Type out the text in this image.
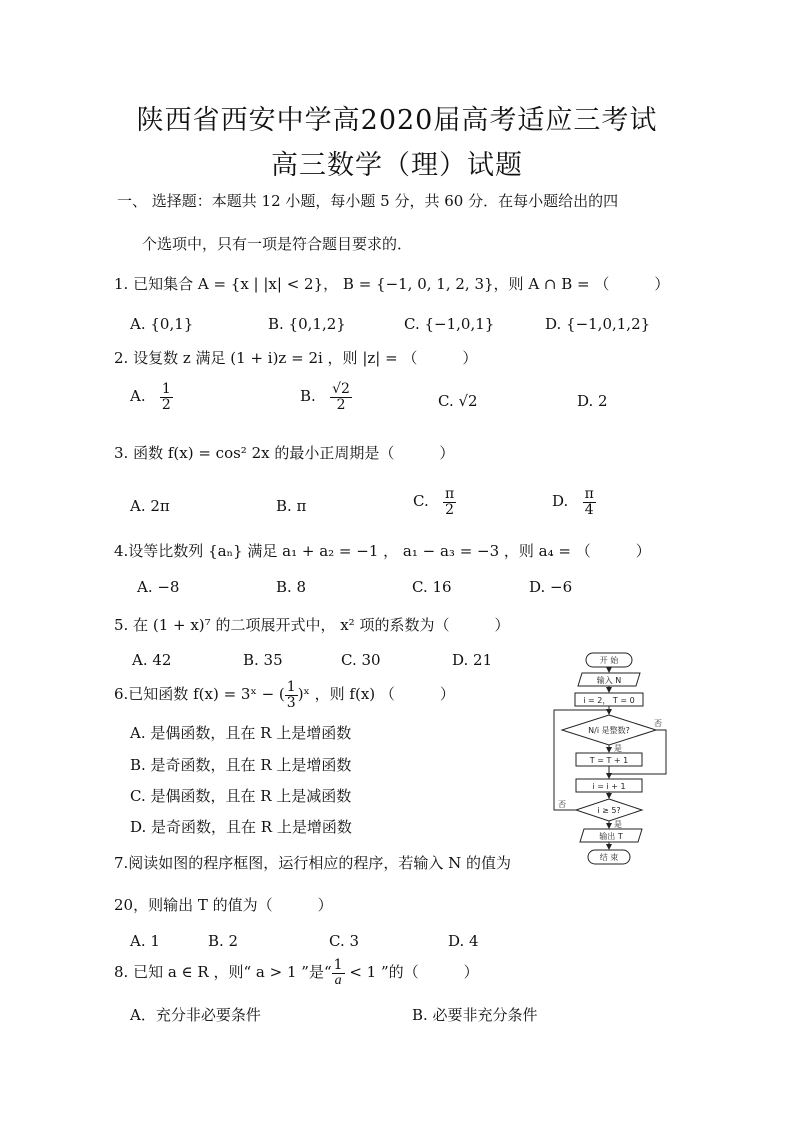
陕西省西安中学高2020届高考适应三考试
高三数学（理）试题
一、 选择题：本题共 12 小题，每小题 5 分，共 60 分．在每小题给出的四
个选项中，只有一项是符合题目要求的．
1. 已知集合 A = {x | |x| < 2}， B = {−1, 0, 1, 2, 3}，则 A ∩ B = （　　　）
A. {0,1}	B. {0,1,2}	C. {−1,0,1}	D. {−1,0,1,2}
2. 设复数 z 满足 (1 + i)z = 2i ，则 |z| = （　　　）
A. $\frac{1}{2}$	B. $\frac{√2}{2}$	C. √2	D. 2
3. 函数 f(x) = cos² 2x 的最小正周期是（　　　）
A. 2π	B. π	C. $\frac{\pi}{2}$	D. $\frac{\pi}{4}$
4.设等比数列 {aₙ} 满足 a₁ + a₂ = −1 ， a₁ − a₃ = −3 ，则 a₄ = （　　　）
A. −8	B. 8	C. 16	D. −6
5. 在 (1 + x)⁷ 的二项展开式中， x² 项的系数为（　　　）
A. 42	B. 35	C. 30	D. 21
6.已知函数 f(x) = 3ˣ − ( $\frac{1}{3}$ )ˣ ，则 f(x) （　　　）
A. 是偶函数，且在 R 上是增函数
B. 是奇函数，且在 R 上是增函数
C. 是偶函数，且在 R 上是减函数
D. 是奇函数，且在 R 上是增函数
7.阅读如图的程序框图，运行相应的程序，若输入 N 的值为
20，则输出 T 的值为（　　　）
A. 1	B. 2	C. 3	D. 4
8. 已知 a ∈ R ，则“ a > 1 ”是“ $\frac{1}{a} < 1$ ”的（　　　）
A．充分非必要条件	B. 必要非充分条件
开 始
输入 N
i = 2， T = 0
N/i 是整数?
否
是
T = T + 1
i = i + 1
i ≥ 5?
否
是
输出 T
结 束
